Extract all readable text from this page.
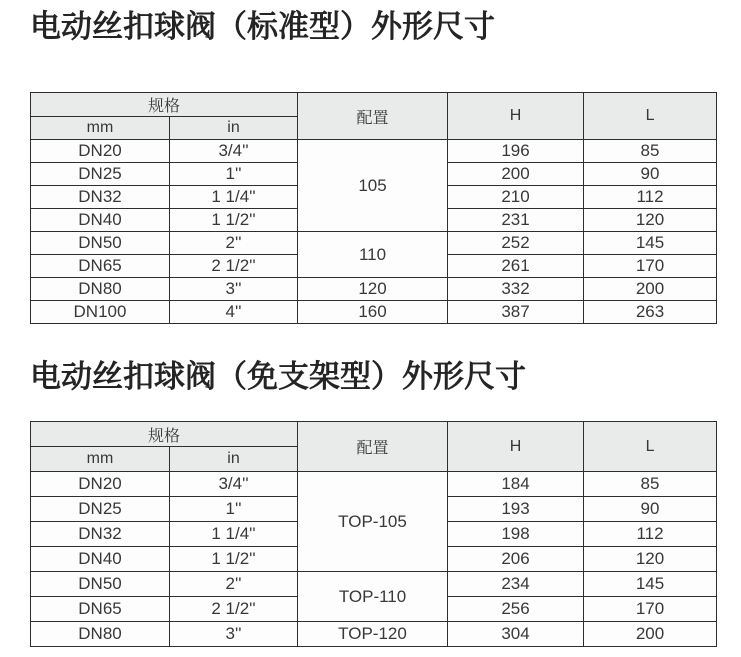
电动丝扣球阀（标准型）外形尺寸
规格		配置	H	L
mm	in			
DN20	3/4''	105	196	85
DN25	1''		200	90
DN32	1 1/4''		210	112
DN40	1 1/2''		231	120
DN50	2''	110	252	145
DN65	2 1/2''		261	170
DN80	3''	120	332	200
DN100	4''	160	387	263
电动丝扣球阀（免支架型）外形尺寸
规格		配置	H	L
mm	in			
DN20	3/4''	TOP-105	184	85
DN25	1''		193	90
DN32	1 1/4''		198	112
DN40	1 1/2''		206	120
DN50	2''	TOP-110	234	145
DN65	2 1/2''		256	170
DN80	3''	TOP-120	304	200
